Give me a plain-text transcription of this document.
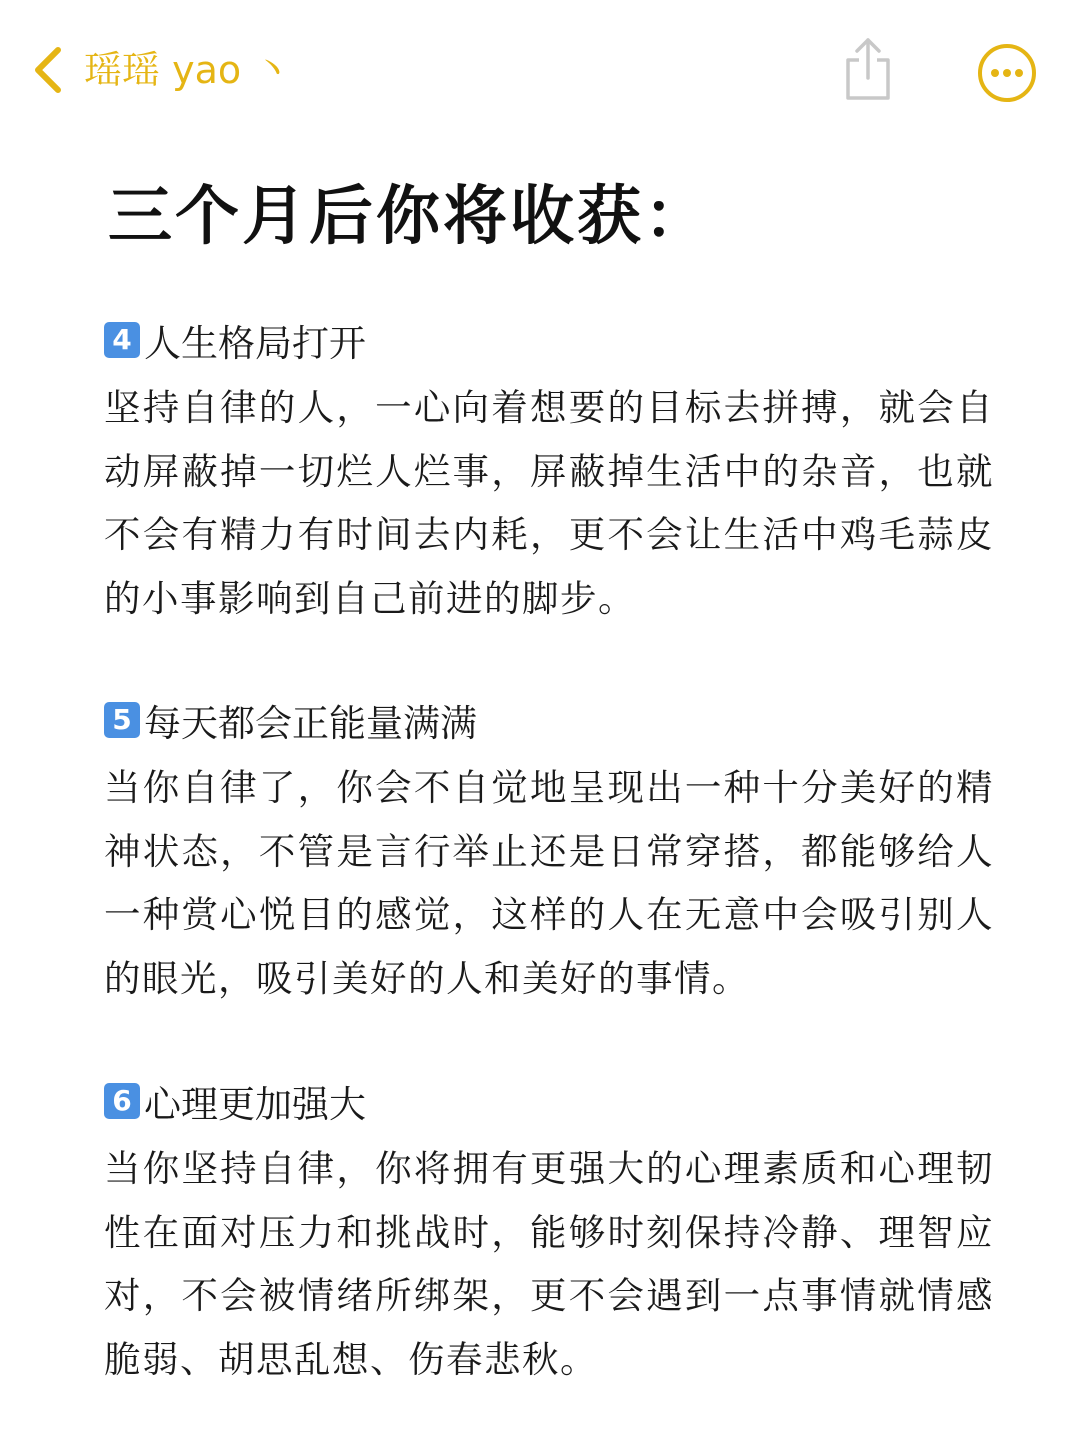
瑶瑶 yao 丶
三个月后你将收获：
4 人生格局打开

坚持自律的人，一心向着想要的目标去拼搏，就会自动屏蔽掉一切烂人烂事，屏蔽掉生活中的杂音，也就不会有精力有时间去内耗，更不会让生活中鸡毛蒜皮的小事影响到自己前进的脚步。

5 每天都会正能量满满

当你自律了，你会不自觉地呈现出一种十分美好的精神状态，不管是言行举止还是日常穿搭，都能够给人一种赏心悦目的感觉，这样的人在无意中会吸引别人的眼光，吸引美好的人和美好的事情。

6 心理更加强大

当你坚持自律，你将拥有更强大的心理素质和心理韧性在面对压力和挑战时，能够时刻保持冷静、理智应对，不会被情绪所绑架，更不会遇到一点事情就情感脆弱、胡思乱想、伤春悲秋。
